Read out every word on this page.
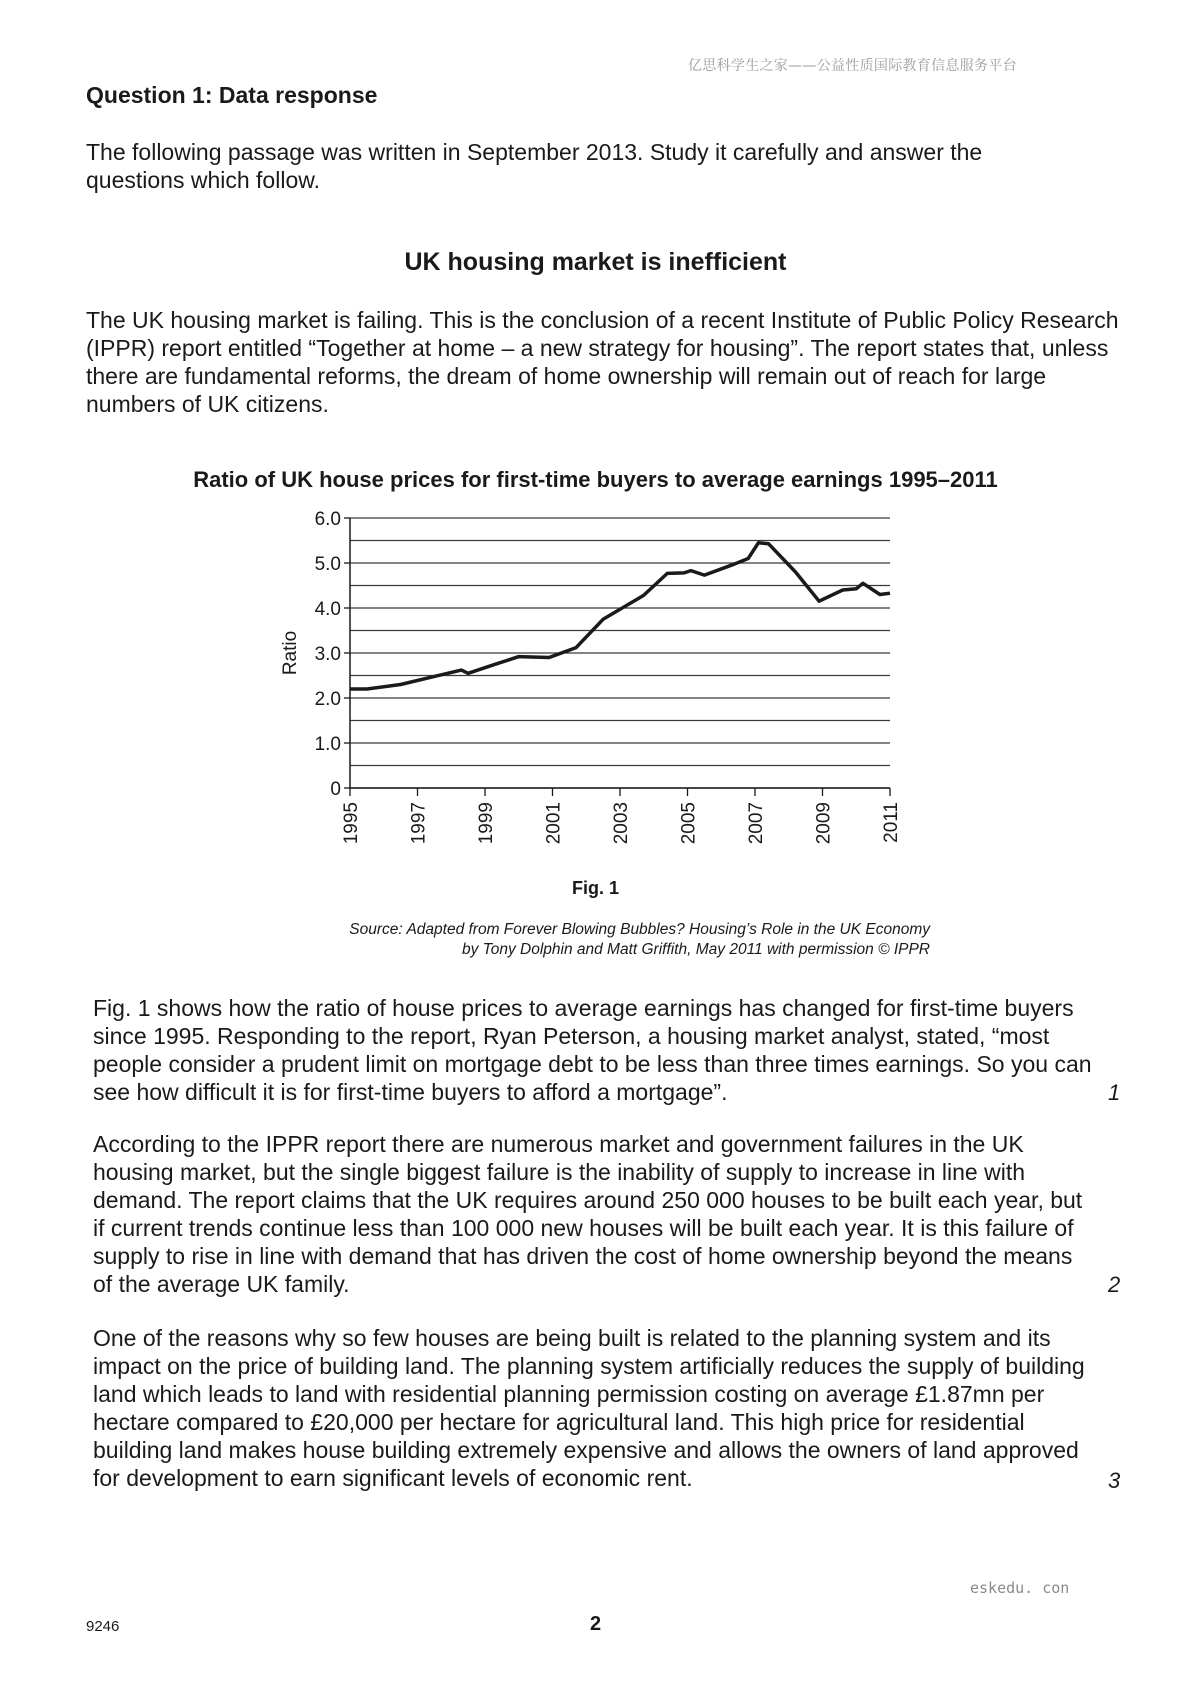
亿思科学生之家——公益性质国际教育信息服务平台
Question 1: Data response
The following passage was written in September 2013. Study it carefully and answer the questions which follow.
UK housing market is inefficient
The UK housing market is failing. This is the conclusion of a recent Institute of Public Policy Research (IPPR) report entitled “Together at home – a new strategy for housing”. The report states that, unless there are fundamental reforms, the dream of home ownership will remain out of reach for large numbers of UK citizens.
Ratio of UK house prices for first-time buyers to average earnings 1995–2011
0
1.0
2.0
3.0
4.0
5.0
6.0
1995 1997 1999 2001 2003 2005 2007 2009 2011
Ratio
Fig. 1
Source: Adapted from Forever Blowing Bubbles? Housing’s Role in the UK Economy
by Tony Dolphin and Matt Griffith, May 2011 with permission © IPPR
Fig. 1 shows how the ratio of house prices to average earnings has changed for first-time buyers since 1995. Responding to the report, Ryan Peterson, a housing market analyst, stated, “most people consider a prudent limit on mortgage debt to be less than three times earnings. So you can see how difficult it is for first-time buyers to afford a mortgage”.	1
According to the IPPR report there are numerous market and government failures in the UK housing market, but the single biggest failure is the inability of supply to increase in line with demand. The report claims that the UK requires around 250 000 houses to be built each year, but if current trends continue less than 100 000 new houses will be built each year. It is this failure of supply to rise in line with demand that has driven the cost of home ownership beyond the means of the average UK family.	2
One of the reasons why so few houses are being built is related to the planning system and its impact on the price of building land. The planning system artificially reduces the supply of building land which leads to land with residential planning permission costing on average £1.87mn per hectare compared to £20,000 per hectare for agricultural land. This high price for residential building land makes house building extremely expensive and allows the owners of land approved for development to earn significant levels of economic rent.	3
eskedu. con
9246	2
